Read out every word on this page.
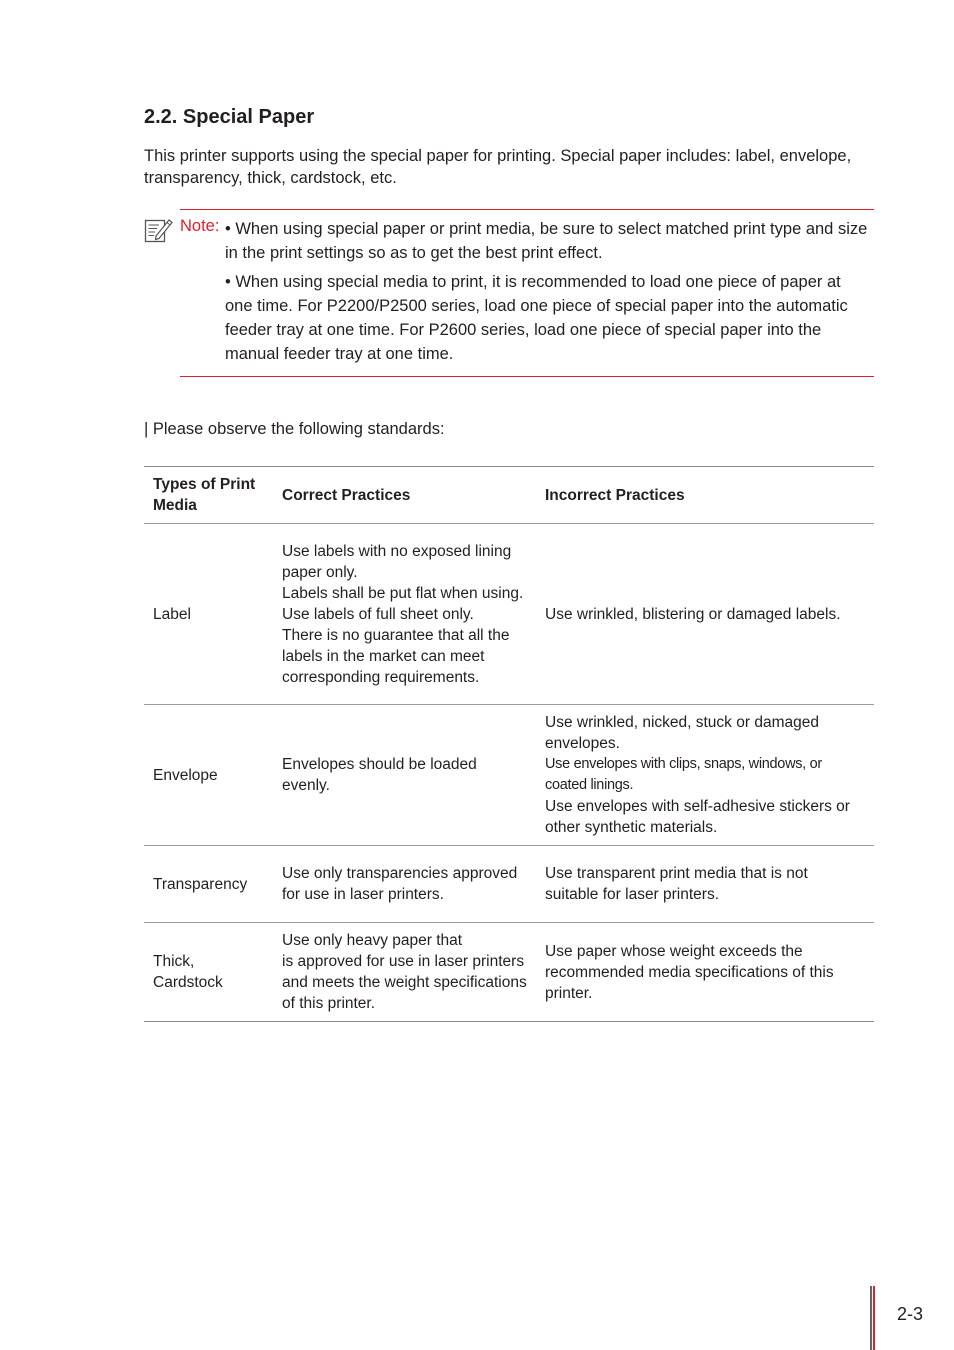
2.2. Special Paper

This printer supports using the special paper for printing. Special paper includes: label, envelope, transparency, thick, cardstock, etc.

Note: • When using special paper or print media, be sure to select matched print type and size in the print settings so as to get the best print effect.

• When using special media to print, it is recommended to load one piece of paper at one time. For P2200/P2500 series, load one piece of special paper into the automatic feeder tray at one time. For P2600 series, load one piece of special paper into the manual feeder tray at one time.

| Please observe the following standards:

Types of Print Media	Correct Practices	Incorrect Practices
Label	Use labels with no exposed lining paper only.
Labels shall be put flat when using.
Use labels of full sheet only.
There is no guarantee that all the labels in the market can meet corresponding requirements.	Use wrinkled, blistering or damaged labels.

Envelope	Envelopes should be loaded evenly.	Use wrinkled, nicked, stuck or damaged envelopes.
Use envelopes with clips, snaps, windows, or coated linings.
Use envelopes with self-adhesive stickers or other synthetic materials.

Transparency	Use only transparencies approved for use in laser printers.	Use transparent print media that is not suitable for laser printers.

Thick, Cardstock	Use only heavy paper that
is approved for use in laser printers and meets the weight specifications of this printer.	Use paper whose weight exceeds the recommended media specifications of this printer.
2-3
